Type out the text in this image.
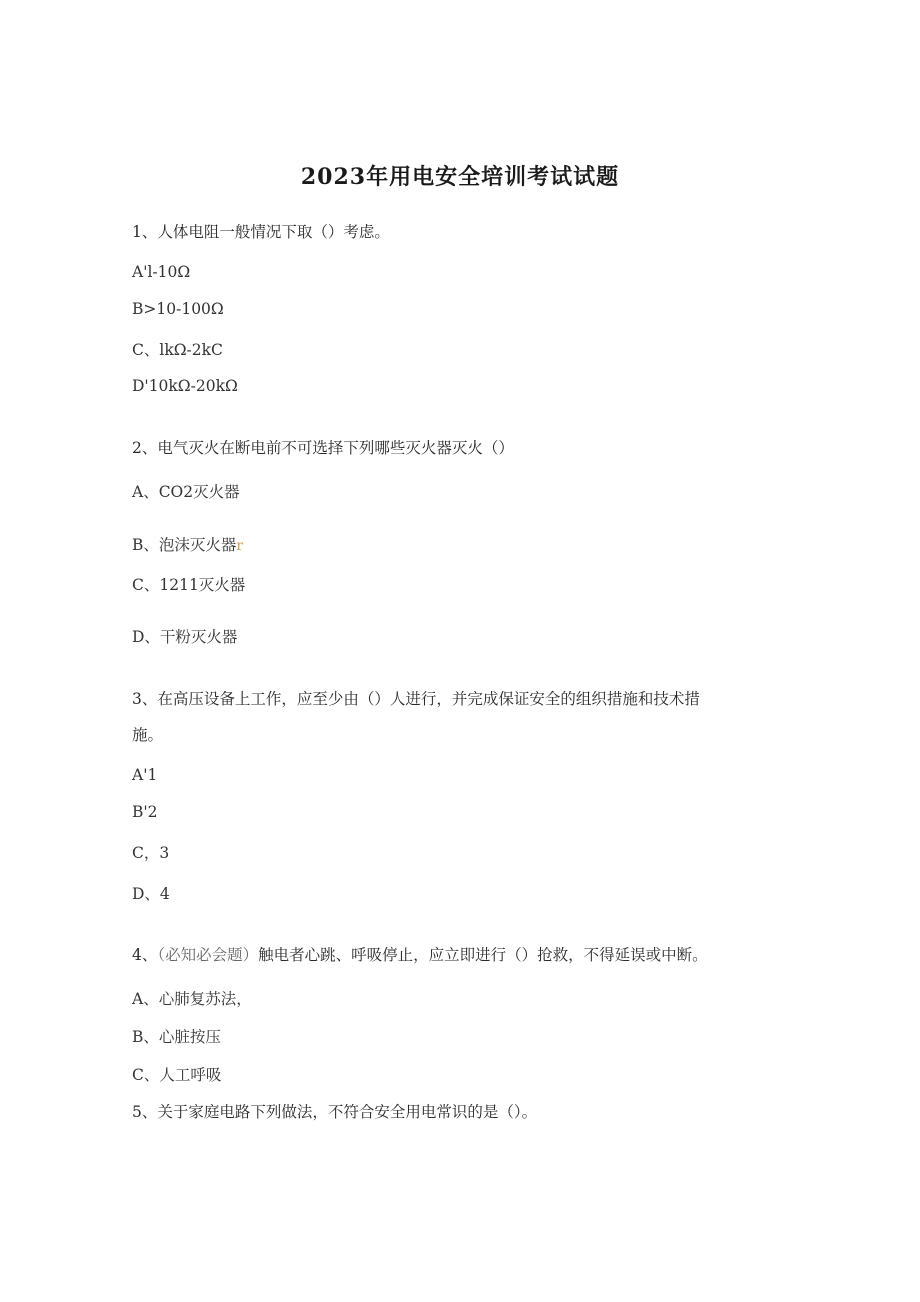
2023年用电安全培训考试试题
1、人体电阻一般情况下取（）考虑。
A'l-10Ω
B>10-100Ω
C、lkΩ-2kC
D'10kΩ-20kΩ
2、电气灭火在断电前不可选择下列哪些灭火器灭火（）
A、CO2灭火器
B、泡沫灭火器r
C、1211灭火器
D、干粉灭火器
3、在高压设备上工作，应至少由（）人进行，并完成保证安全的组织措施和技术措
施。
A'1
B'2
C，3
D、4
4、（必知必会题）触电者心跳、呼吸停止，应立即进行（）抢救，不得延误或中断。
A、心肺复苏法，
B、心脏按压
C、人工呼吸
5、关于家庭电路下列做法，不符合安全用电常识的是（）。
